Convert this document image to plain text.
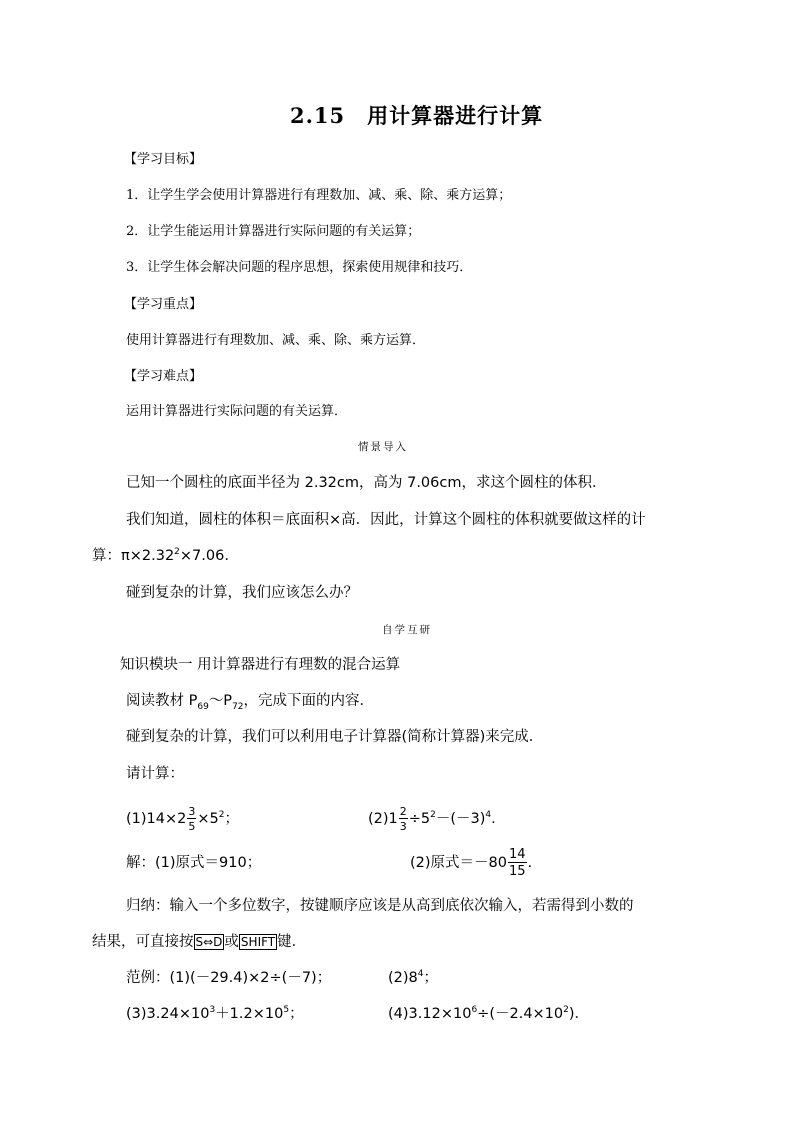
2.15　用计算器进行计算
【学习目标】
1．让学生学会使用计算器进行有理数加、减、乘、除、乘方运算；
2．让学生能运用计算器进行实际问题的有关运算；
3．让学生体会解决问题的程序思想，探索使用规律和技巧．
【学习重点】
使用计算器进行有理数加、减、乘、除、乘方运算．
【学习难点】
运用计算器进行实际问题的有关运算．
情景导入
已知一个圆柱的底面半径为 2.32cm，高为 7.06cm，求这个圆柱的体积．
我们知道，圆柱的体积＝底面积×高．因此，计算这个圆柱的体积就要做这样的计
算：$\pi\times 2.32^2\times 7.06$.
碰到复杂的计算，我们应该怎么办？
自学互研
知识模块一 用计算器进行有理数的混合运算
阅读教材 $P_{69}\sim P_{72}$，完成下面的内容．
碰到复杂的计算，我们可以利用电子计算器(简称计算器)来完成．
请计算：
$(1)14\times 2 \frac{3}{5} \times 5^2$；	$(2)1 \frac{2}{3} \div 5^2-(-3)^4$.
解：(1)原式＝910；	(2)原式$=-80 \frac{14}{15}$ .
归纳：输入一个多位数字，按键顺序应该是从高到底依次输入，若需得到小数的
结果，可直接按 S⇔D 或 SHIFT 键．
范例：(1)(－29.4)×2÷(－7)；	$(2)8^4$；
$(3)3.24\times 10^3+1.2\times 10^5$；	$(4)3.12\times 10^6\div(-2.4\times 10^2)$．
